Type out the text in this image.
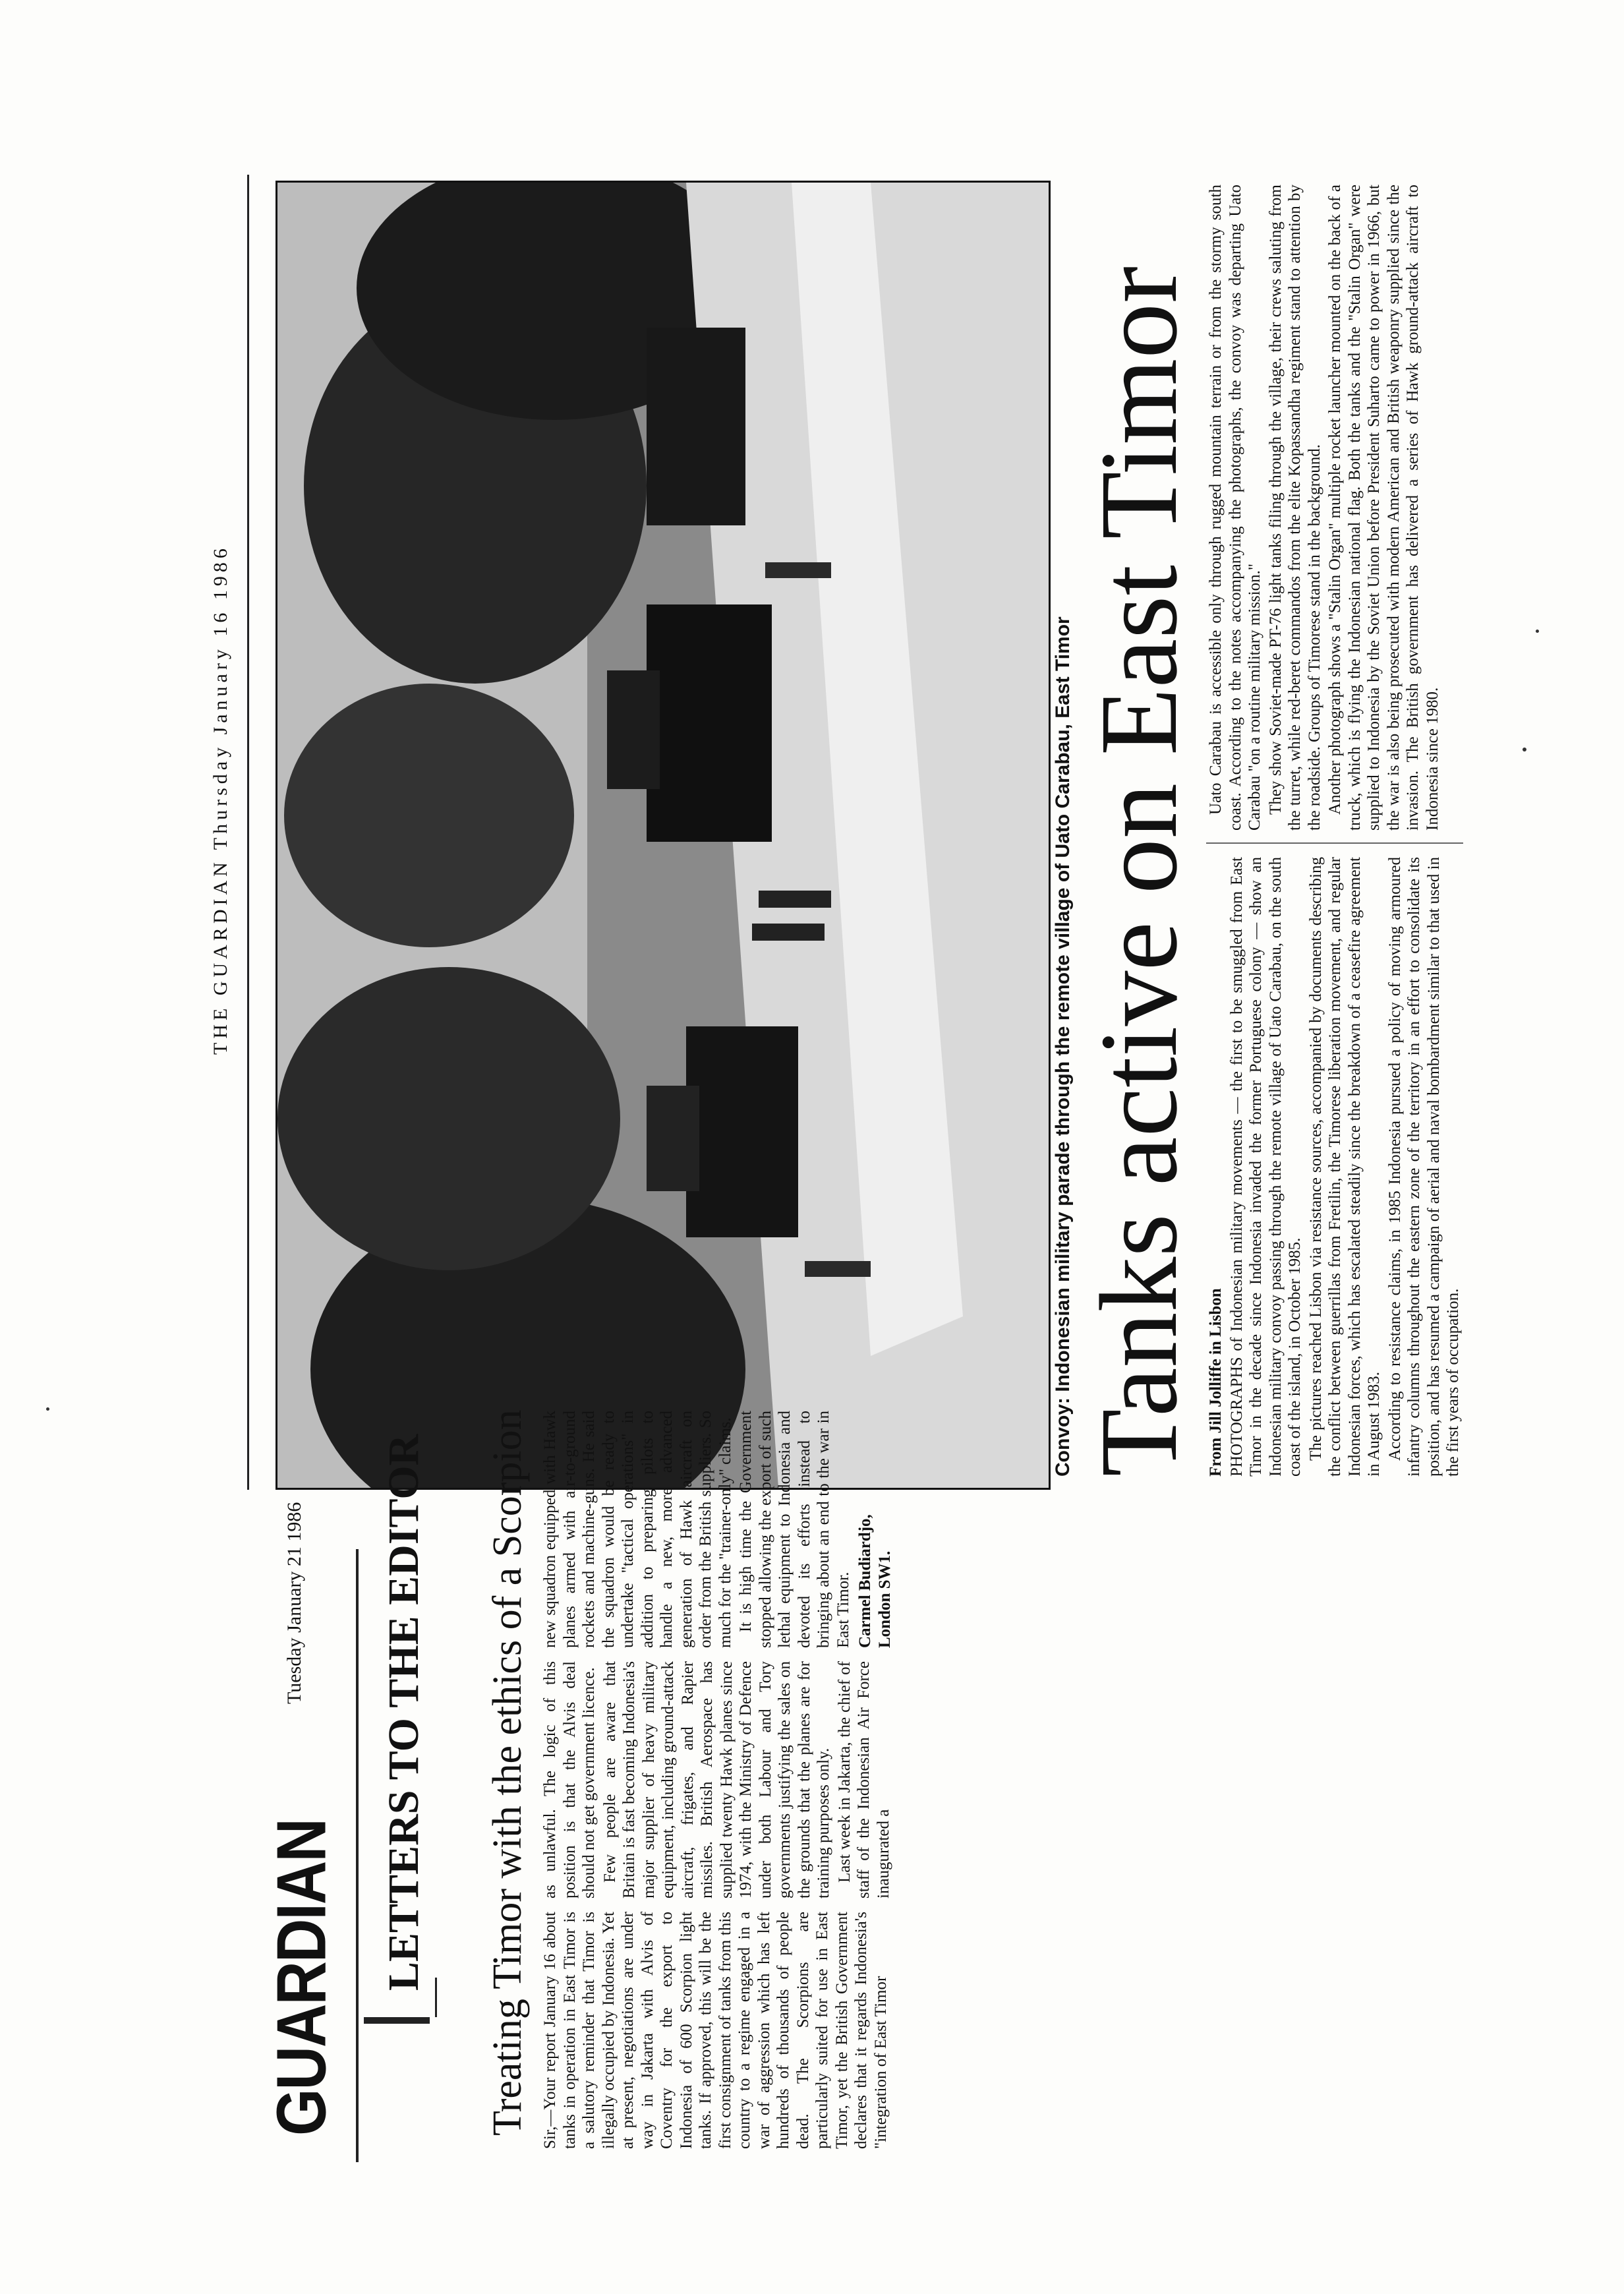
THE GUARDIAN Thursday January 16 1986	Convoy: Indonesian military parade through the remote village of Uato Carabau, East Timor Tanks active on East Timor From Jill Jolliffe in Lisbon PHOTOGRAPHS of Indonesian military movements — the first to be smuggled from East Timor in the decade since Indonesia invaded the former Portuguese colony — show an Indonesian military convoy passing through the remote village of Uato Carabau, on the south coast of the island, in October 1985. The pictures reached Lisbon via resistance sources, accompanied by documents describing the conflict between guerrillas from Fretilin, the Timorese liberation movement, and regular Indonesian forces, which has escalated steadily since the breakdown of a ceasefire agreement in August 1983. According to resistance claims, in 1985 Indonesia pursued a policy of moving armoured infantry columns throughout the eastern zone of the territory in an effort to consolidate its position, and has resumed a campaign of aerial and naval bombardment similar to that used in the first years of occupation.

Uato Carabau is accessible only through rugged mountain terrain or from the stormy south coast. According to the notes accompanying the photographs, the convoy was departing Uato Carabau "on a routine military mission." They show Soviet-made PT-76 light tanks filing through the village, their crews saluting from the turret, while red-beret commandos from the elite Kopassandha regiment stand to attention by the roadside. Groups of Timorese stand in the background. Another photograph shows a "Stalin Organ" multiple rocket launcher mounted on the back of a truck, which is flying the Indonesian national flag. Both the tanks and the "Stalin Organ" were supplied to Indonesia by the Soviet Union before President Suharto came to power in 1966, but the war is also being prosecuted with modern American and British weaponry supplied since the invasion. The British government has delivered a series of Hawk ground-attack aircraft to Indonesia since 1980.

GUARDIAN
Tuesday January 21 1986 LETTERS TO THE EDITOR Treating Timor with the ethics of a Scorpion Sir,—Your report January 16 about tanks in operation in East Timor is a salutory reminder that Timor is illegally occupied by Indonesia. Yet at present, negotiations are under way in Jakarta with Alvis of Coventry for the export to Indonesia of 600 Scorpion light tanks. If approved, this will be the first consignment of tanks from this country to a regime engaged in a war of aggression which has left hundreds of thousands of people dead. The Scorpions are particularly suited for use in East Timor, yet the British Government declares that it regards Indonesia's "integration of East Timor

as unlawful. The logic of this position is that the Alvis deal should not get government licence. Few people are aware that Britain is fast becoming Indonesia's major supplier of heavy military equipment, including ground-attack aircraft, frigates, and Rapier missiles. British Aerospace has supplied twenty Hawk planes since 1974, with the Ministry of Defence under both Labour and Tory governments justifying the sales on the grounds that the planes are for training purposes only. Last week in Jakarta, the chief of staff of the Indonesian Air Force inaugurated a

new squadron equipped with Hawk planes armed with air-to-ground rockets and machine-guns. He said the squadron would be ready to undertake "tactical operations" in addition to preparing pilots to handle a new, more advanced generation of Hawk aircraft on order from the British suppliers. So much for the "trainer-only" claims. It is high time the Government stopped allowing the export of such lethal equipment to Indonesia and devoted its efforts instead to bringing about an end to the war in East Timor. Carmel Budiardjo, London SW1.
